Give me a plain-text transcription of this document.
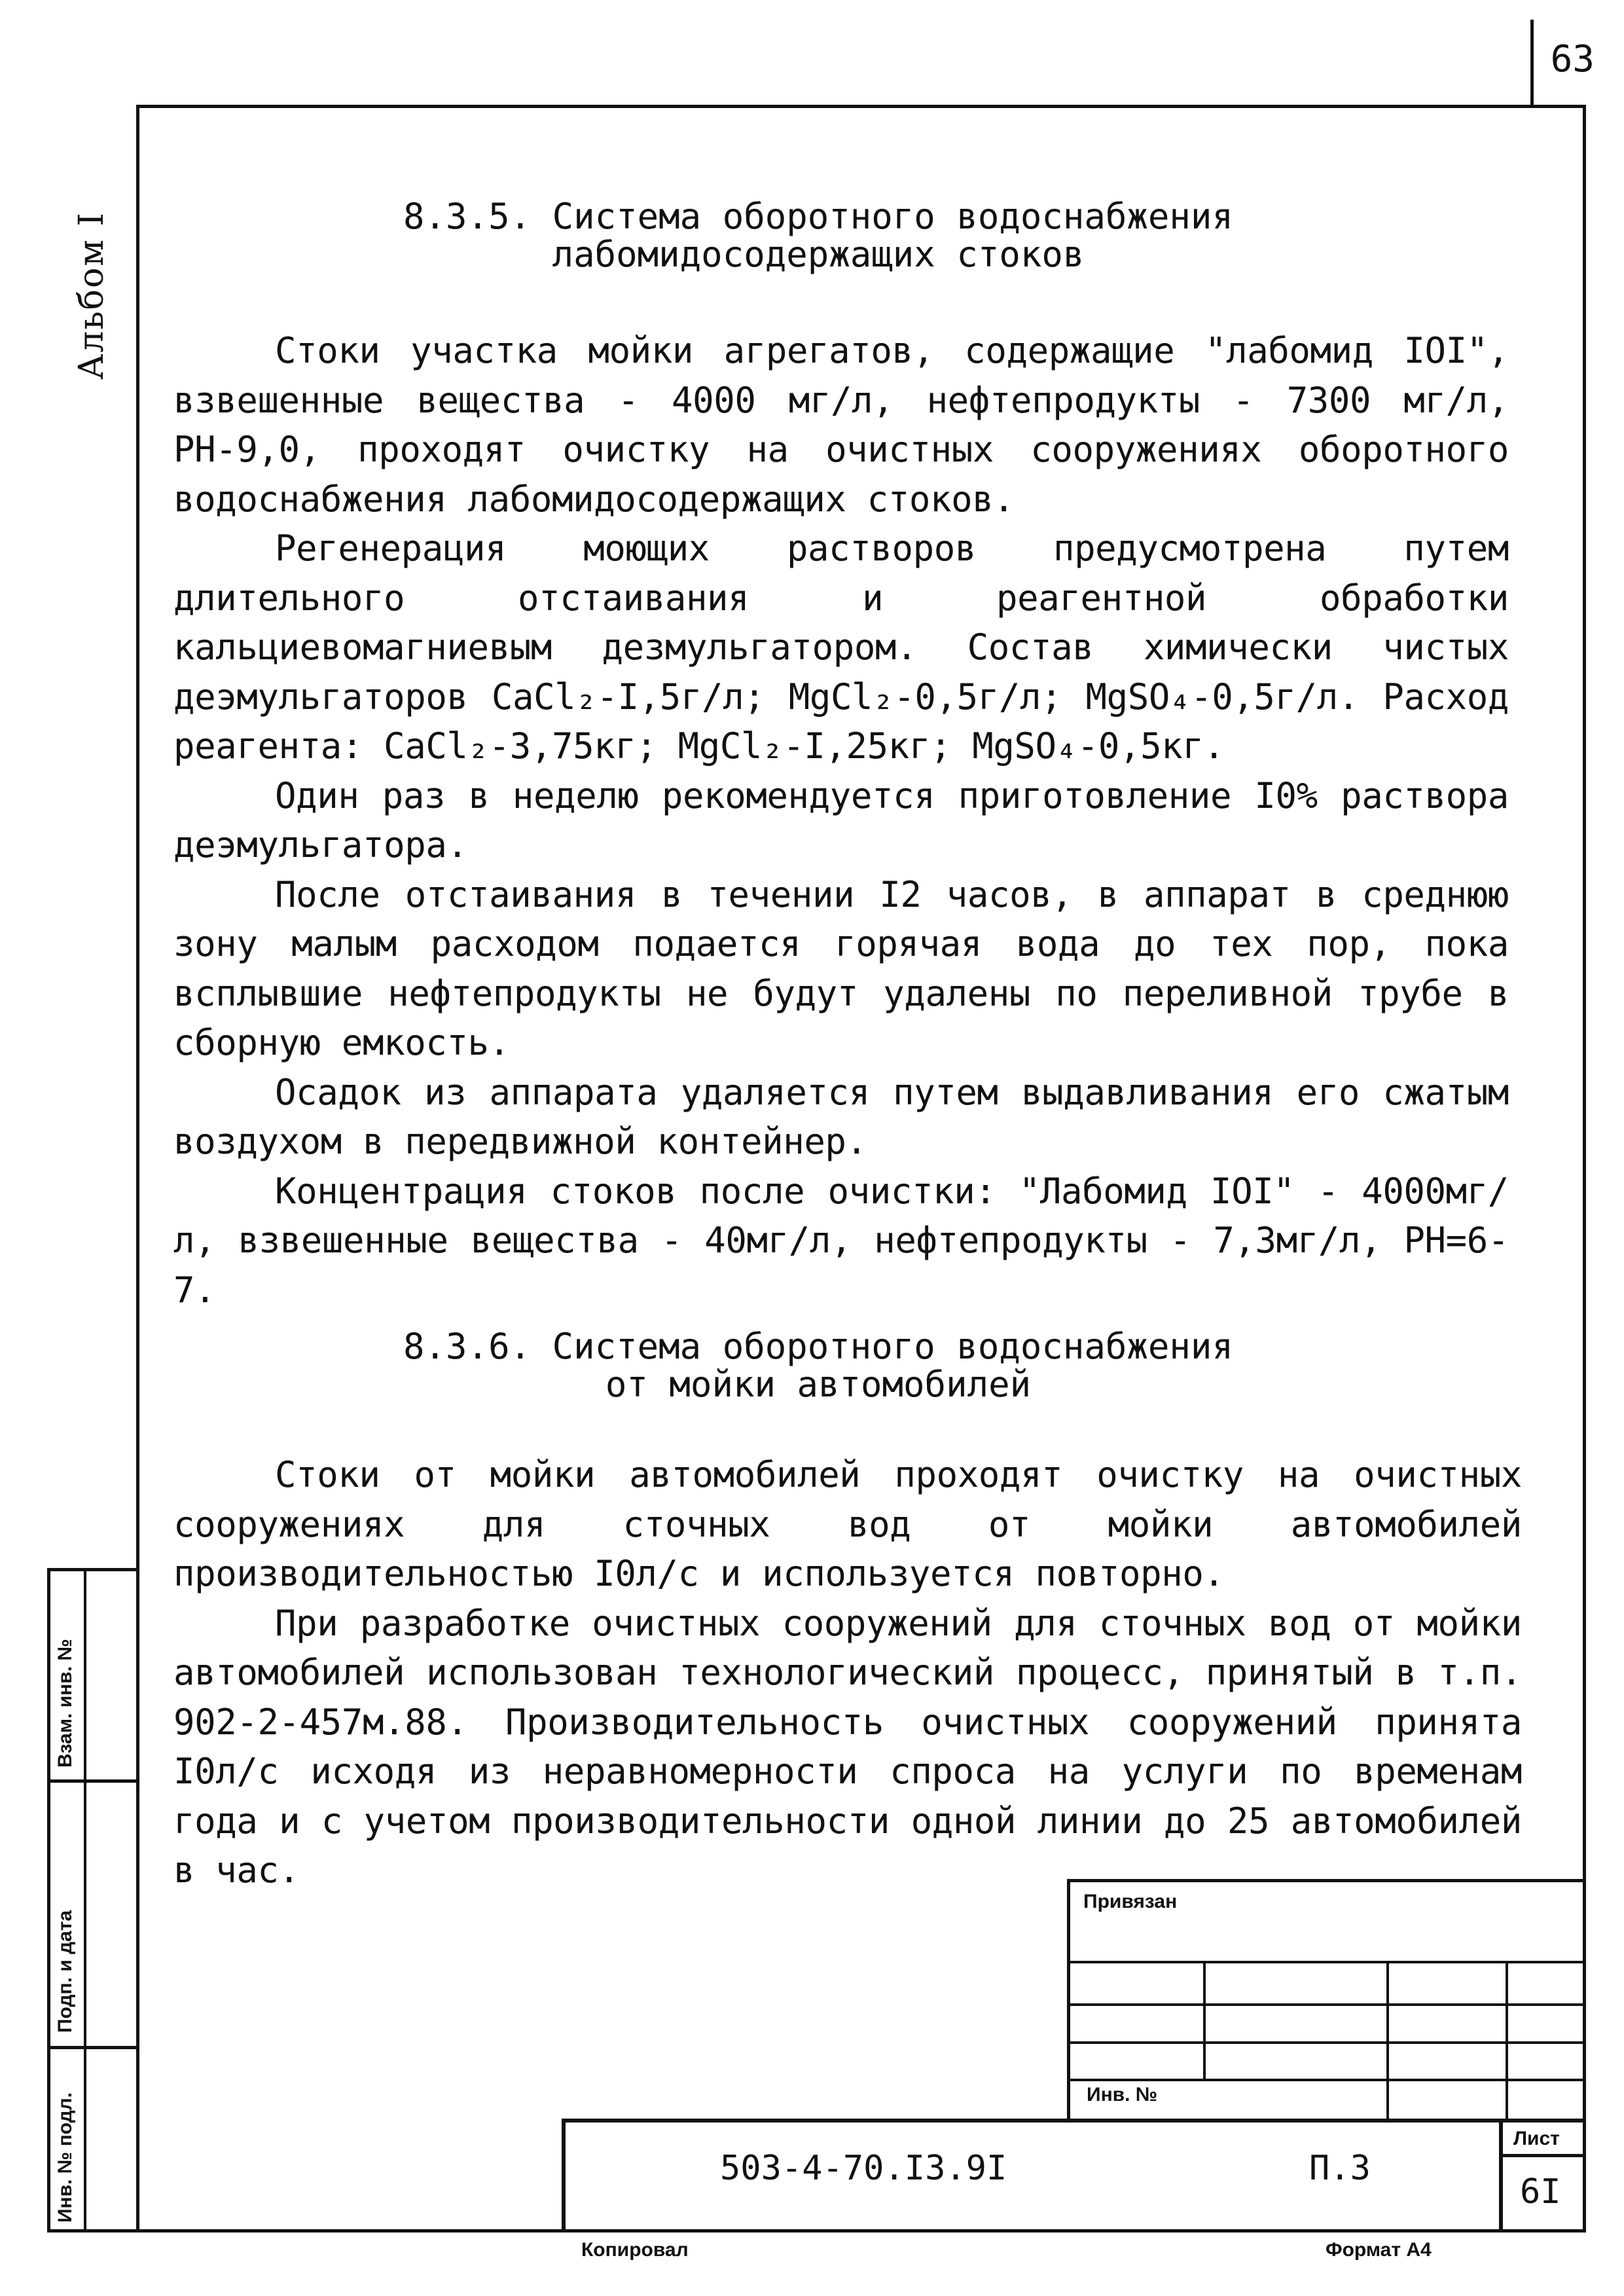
63
Альбом I	8.3.5. Система оборотного водоснабжения
лабомидосодержащих стоков

Стоки участка мойки агрегатов, содержащие "лабомид IOI", взвешенные вещества - 4000 мг/л, нефтепродукты - 7300 мг/л, РН-9,0, проходят очистку на очистных сооружениях оборотного водоснабжения лабомидосодержащих стоков.

Регенерация моющих растворов предусмотрена путем длительного отстаивания и реагентной обработки кальциевомагниевым дезмульгатором. Состав химически чистых деэмульгаторов CaCl₂-I,5г/л; MgCl₂-0,5г/л; MgSO₄-0,5г/л. Расход реагента: CaCl₂-3,75кг; MgCl₂-I,25кг; MgSO₄-0,5кг.

Один раз в неделю рекомендуется приготовление I0% раствора деэмульгатора.

После отстаивания в течении I2 часов, в аппарат в среднюю зону малым расходом подается горячая вода до тех пор, пока всплывшие нефтепродукты не будут удалены по переливной трубе в сборную емкость.

Осадок из аппарата удаляется путем выдавливания его сжатым воздухом в передвижной контейнер.

Концентрация стоков после очистки: "Лабомид IOI" - 4000мг/л, взвешенные вещества - 40мг/л, нефтепродукты - 7,3мг/л, РН=6-7.

8.3.6. Система оборотного водоснабжения
от мойки автомобилей

Стоки от мойки автомобилей проходят очистку на очистных сооружениях для сточных вод от мойки автомобилей производительностью I0л/с и используется повторно.

При разработке очистных сооружений для сточных вод от мойки автомобилей использован технологический процесс, принятый в т.п. 902-2-457м.88. Производительность очистных сооружений принята I0л/с исходя из неравномерности спроса на услуги по временам года и с учетом производительности одной линии до 25 автомобилей в час.

Взам. инв. №
Подп. и дата
Инв. № подл.
Привязан
Инв. №
503-4-70.I3.9I	П.3
Лист
6I
Копировал	Формат А4
